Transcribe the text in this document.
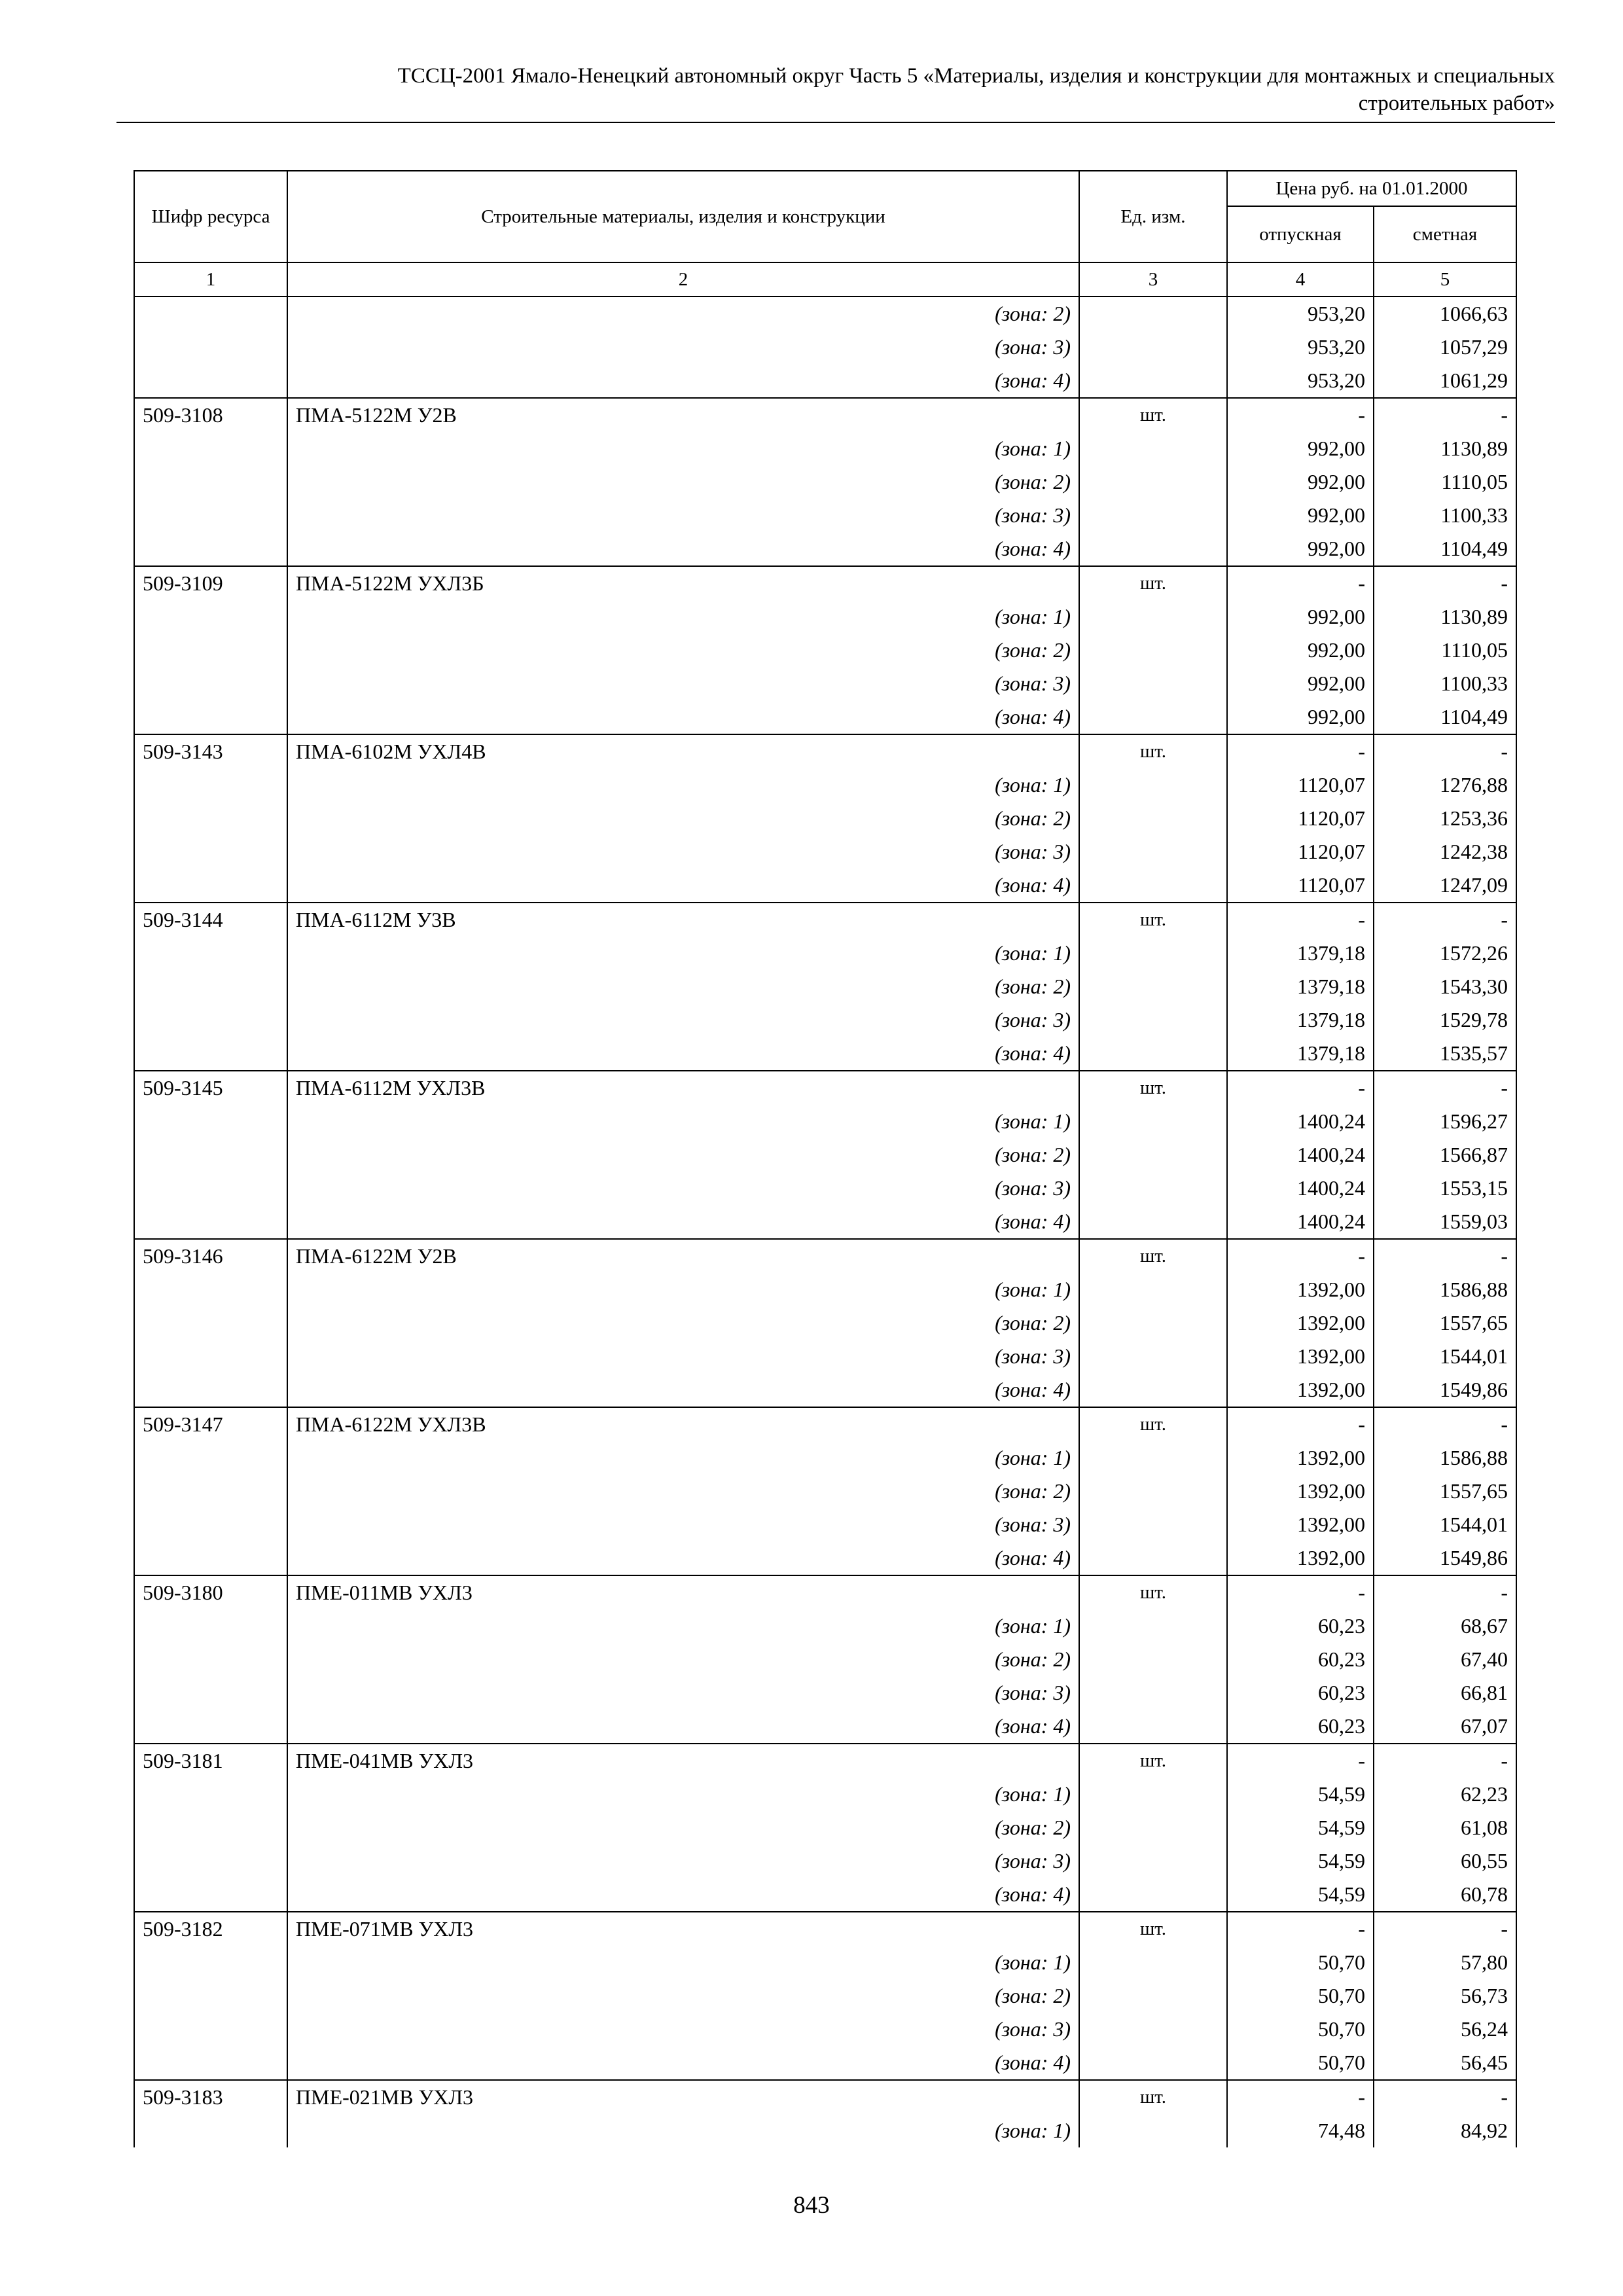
ТССЦ-2001 Ямало-Ненецкий автономный округ Часть 5 «Материалы, изделия и конструкции для монтажных и специальных
строительных работ»
Шифр ресурса	Строительные материалы, изделия и конструкции	Ед. изм.	Цена руб. на 01.01.2000	
			отпускная	сметная
1	2	3	4	5
	(зона: 2)		953,20	1066,63
	(зона: 3)		953,20	1057,29
	(зона: 4)		953,20	1061,29
509-3108	ПМА-5122М У2В	шт.	-	-
	(зона: 1)		992,00	1130,89
	(зона: 2)		992,00	1110,05
	(зона: 3)		992,00	1100,33
	(зона: 4)		992,00	1104,49
509-3109	ПМА-5122М УХЛ3Б	шт.	-	-
	(зона: 1)		992,00	1130,89
	(зона: 2)		992,00	1110,05
	(зона: 3)		992,00	1100,33
	(зона: 4)		992,00	1104,49
509-3143	ПМА-6102М УХЛ4В	шт.	-	-
	(зона: 1)		1120,07	1276,88
	(зона: 2)		1120,07	1253,36
	(зона: 3)		1120,07	1242,38
	(зона: 4)		1120,07	1247,09
509-3144	ПМА-6112М У3В	шт.	-	-
	(зона: 1)		1379,18	1572,26
	(зона: 2)		1379,18	1543,30
	(зона: 3)		1379,18	1529,78
	(зона: 4)		1379,18	1535,57
509-3145	ПМА-6112М УХЛ3В	шт.	-	-
	(зона: 1)		1400,24	1596,27
	(зона: 2)		1400,24	1566,87
	(зона: 3)		1400,24	1553,15
	(зона: 4)		1400,24	1559,03
509-3146	ПМА-6122М У2В	шт.	-	-
	(зона: 1)		1392,00	1586,88
	(зона: 2)		1392,00	1557,65
	(зона: 3)		1392,00	1544,01
	(зона: 4)		1392,00	1549,86
509-3147	ПМА-6122М УХЛ3В	шт.	-	-
	(зона: 1)		1392,00	1586,88
	(зона: 2)		1392,00	1557,65
	(зона: 3)		1392,00	1544,01
	(зона: 4)		1392,00	1549,86
509-3180	ПМЕ-011МВ УХЛ3	шт.	-	-
	(зона: 1)		60,23	68,67
	(зона: 2)		60,23	67,40
	(зона: 3)		60,23	66,81
	(зона: 4)		60,23	67,07
509-3181	ПМЕ-041МВ УХЛ3	шт.	-	-
	(зона: 1)		54,59	62,23
	(зона: 2)		54,59	61,08
	(зона: 3)		54,59	60,55
	(зона: 4)		54,59	60,78
509-3182	ПМЕ-071МВ УХЛ3	шт.	-	-
	(зона: 1)		50,70	57,80
	(зона: 2)		50,70	56,73
	(зона: 3)		50,70	56,24
	(зона: 4)		50,70	56,45
509-3183	ПМЕ-021МВ УХЛ3	шт.	-	-
	(зона: 1)		74,48	84,92
843
